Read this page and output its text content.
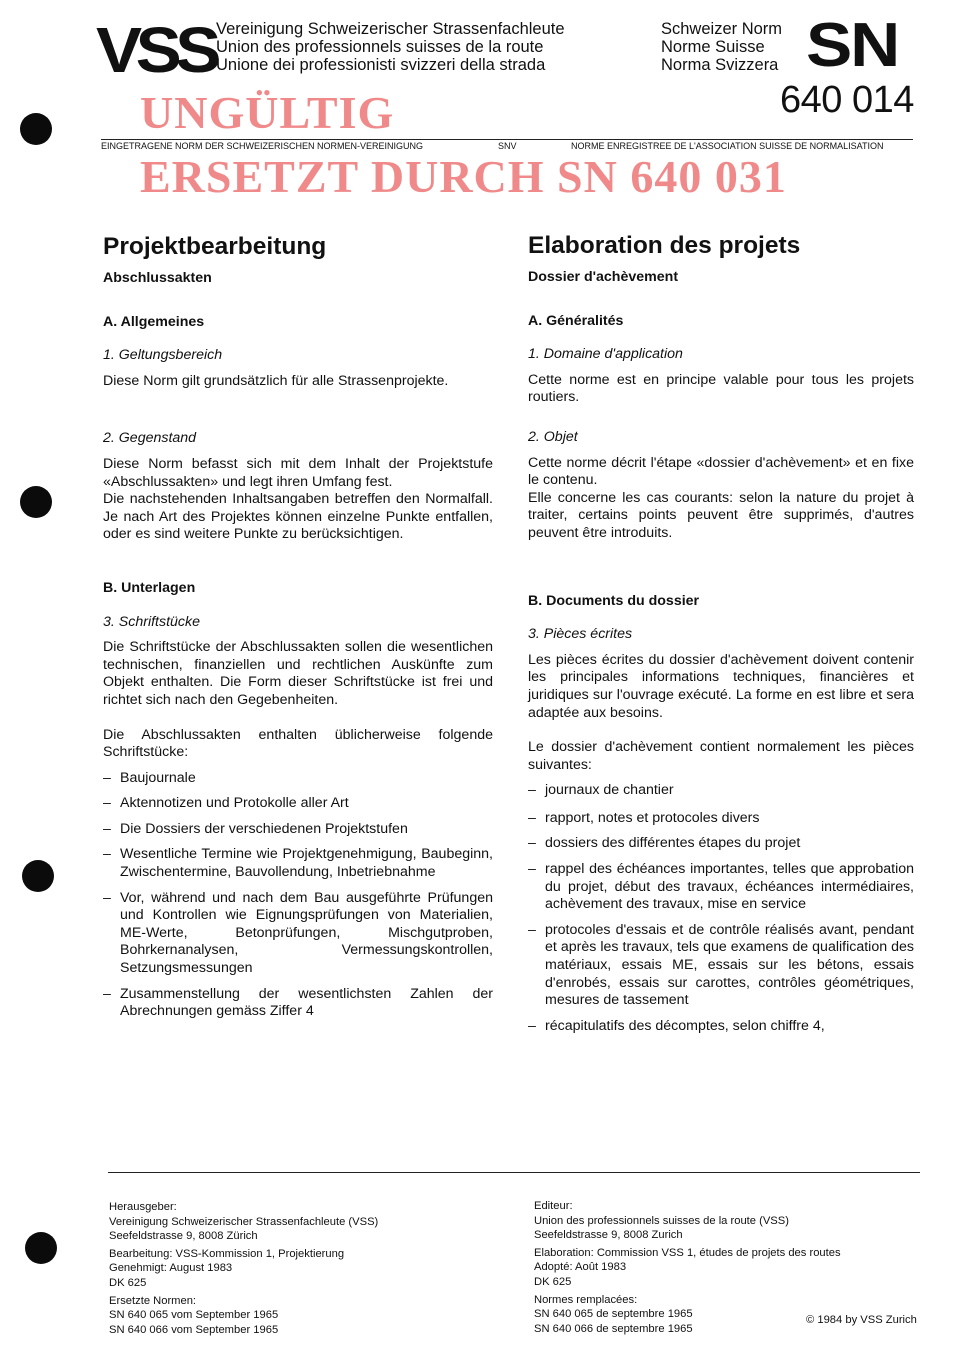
VSS Vereinigung Schweizerischer Strassenfachleute
Union des professionnels suisses de la route
Unione dei professionisti svizzeri della strada
Schweizer Norm
Norme Suisse
Norma Svizzera SN
640 014
UNGÜLTIG
EINGETRAGENE NORM DER SCHWEIZERISCHEN NORMEN-VEREINIGUNG	SNV	NORME ENREGISTREE DE L'ASSOCIATION SUISSE DE NORMALISATION
ERSETZT DURCH SN 640 031
Projektbearbeitung
Abschlussakten
A. Allgemeines
1. Geltungsbereich
Diese Norm gilt grundsätzlich für alle Strassenprojekte.
2. Gegenstand
Diese Norm befasst sich mit dem Inhalt der Projektstufe «Abschlussakten» und legt ihren Umfang fest.
Die nachstehenden Inhaltsangaben betreffen den Normalfall. Je nach Art des Projektes können einzelne Punkte entfallen, oder es sind weitere Punkte zu berücksichtigen.
B. Unterlagen
3. Schriftstücke
Die Schriftstücke der Abschlussakten sollen die wesentlichen technischen, finanziellen und rechtlichen Auskünfte zum Objekt enthalten. Die Form dieser Schriftstücke ist frei und richtet sich nach den Gegebenheiten.
Die Abschlussakten enthalten üblicherweise folgende Schriftstücke:
– Baujournale
– Aktennotizen und Protokolle aller Art
– Die Dossiers der verschiedenen Projektstufen
– Wesentliche Termine wie Projektgenehmigung, Baubeginn, Zwischentermine, Bauvollendung, Inbetriebnahme
– Vor, während und nach dem Bau ausgeführte Prüfungen und Kontrollen wie Eignungsprüfungen von Materialien, ME-Werte, Betonprüfungen, Mischgutproben, Bohrkernanalysen, Vermessungskontrollen, Setzungsmessungen
– Zusammenstellung der wesentlichsten Zahlen der Abrechnungen gemäss Ziffer 4
Elaboration des projets
Dossier d'achèvement
A. Généralités
1. Domaine d'application
Cette norme est en principe valable pour tous les projets routiers.
2. Objet
Cette norme décrit l'étape «dossier d'achèvement» et en fixe le contenu.
Elle concerne les cas courants: selon la nature du projet à traiter, certains points peuvent être supprimés, d'autres peuvent être introduits.
B. Documents du dossier
3. Pièces écrites
Les pièces écrites du dossier d'achèvement doivent contenir les principales informations techniques, financières et juridiques sur l'ouvrage exécuté. La forme en est libre et sera adaptée aux besoins.
Le dossier d'achèvement contient normalement les pièces suivantes:
– journaux de chantier
– rapport, notes et protocoles divers
– dossiers des différentes étapes du projet
– rappel des échéances importantes, telles que approbation du projet, début des travaux, échéances intermédiaires, achèvement des travaux, mise en service
– protocoles d'essais et de contrôle réalisés avant, pendant et après les travaux, tels que examens de qualification des matériaux, essais ME, essais sur les bétons, essais d'enrobés, essais sur carottes, contrôles géométriques, mesures de tassement
– récapitulatifs des décomptes, selon chiffre 4,
Herausgeber:
Vereinigung Schweizerischer Strassenfachleute (VSS)
Seefeldstrasse 9, 8008 Zürich
Bearbeitung: VSS-Kommission 1, Projektierung
Genehmigt: August 1983
DK 625
Ersetzte Normen:
SN 640 065 vom September 1965
SN 640 066 vom September 1965
Editeur:
Union des professionnels suisses de la route (VSS)
Seefeldstrasse 9, 8008 Zurich
Elaboration: Commission VSS 1, études de projets des routes
Adopté: Août 1983
DK 625
Normes remplacées:
SN 640 065 de septembre 1965
SN 640 066 de septembre 1965
© 1984 by VSS Zurich
